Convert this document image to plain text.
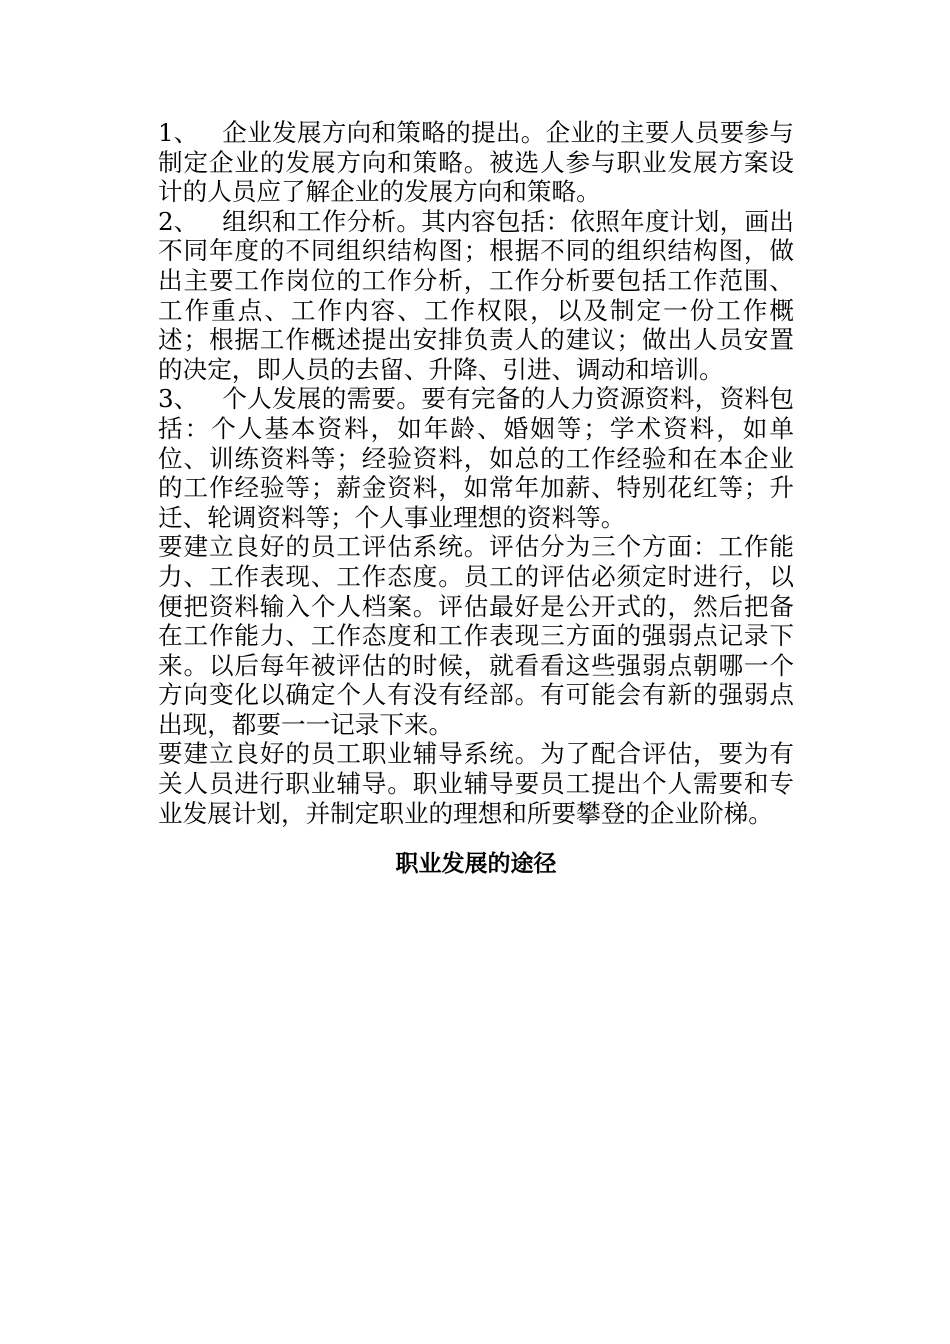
1、 企业发展方向和策略的提出。企业的主要人员要参与制定企业的发展方向和策略。被选人参与职业发展方案设计的人员应了解企业的发展方向和策略。

2、 组织和工作分析。其内容包括：依照年度计划，画出不同年度的不同组织结构图；根据不同的组织结构图，做出主要工作岗位的工作分析，工作分析要包括工作范围、工作重点、工作内容、工作权限，以及制定一份工作概述；根据工作概述提出安排负责人的建议；做出人员安置的决定，即人员的去留、升降、引进、调动和培训。

3、 个人发展的需要。要有完备的人力资源资料，资料包括：个人基本资料，如年龄、婚姻等；学术资料，如单位、训练资料等；经验资料，如总的工作经验和在本企业的工作经验等；薪金资料，如常年加薪、特别花红等；升迁、轮调资料等；个人事业理想的资料等。

要建立良好的员工评估系统。评估分为三个方面：工作能力、工作表现、工作态度。员工的评估必须定时进行，以便把资料输入个人档案。评估最好是公开式的，然后把备在工作能力、工作态度和工作表现三方面的强弱点记录下来。以后每年被评估的时候，就看看这些强弱点朝哪一个方向变化以确定个人有没有经部。有可能会有新的强弱点出现，都要一一记录下来。

要建立良好的员工职业辅导系统。为了配合评估，要为有关人员进行职业辅导。职业辅导要员工提出个人需要和专业发展计划，并制定职业的理想和所要攀登的企业阶梯。

职业发展的途径
